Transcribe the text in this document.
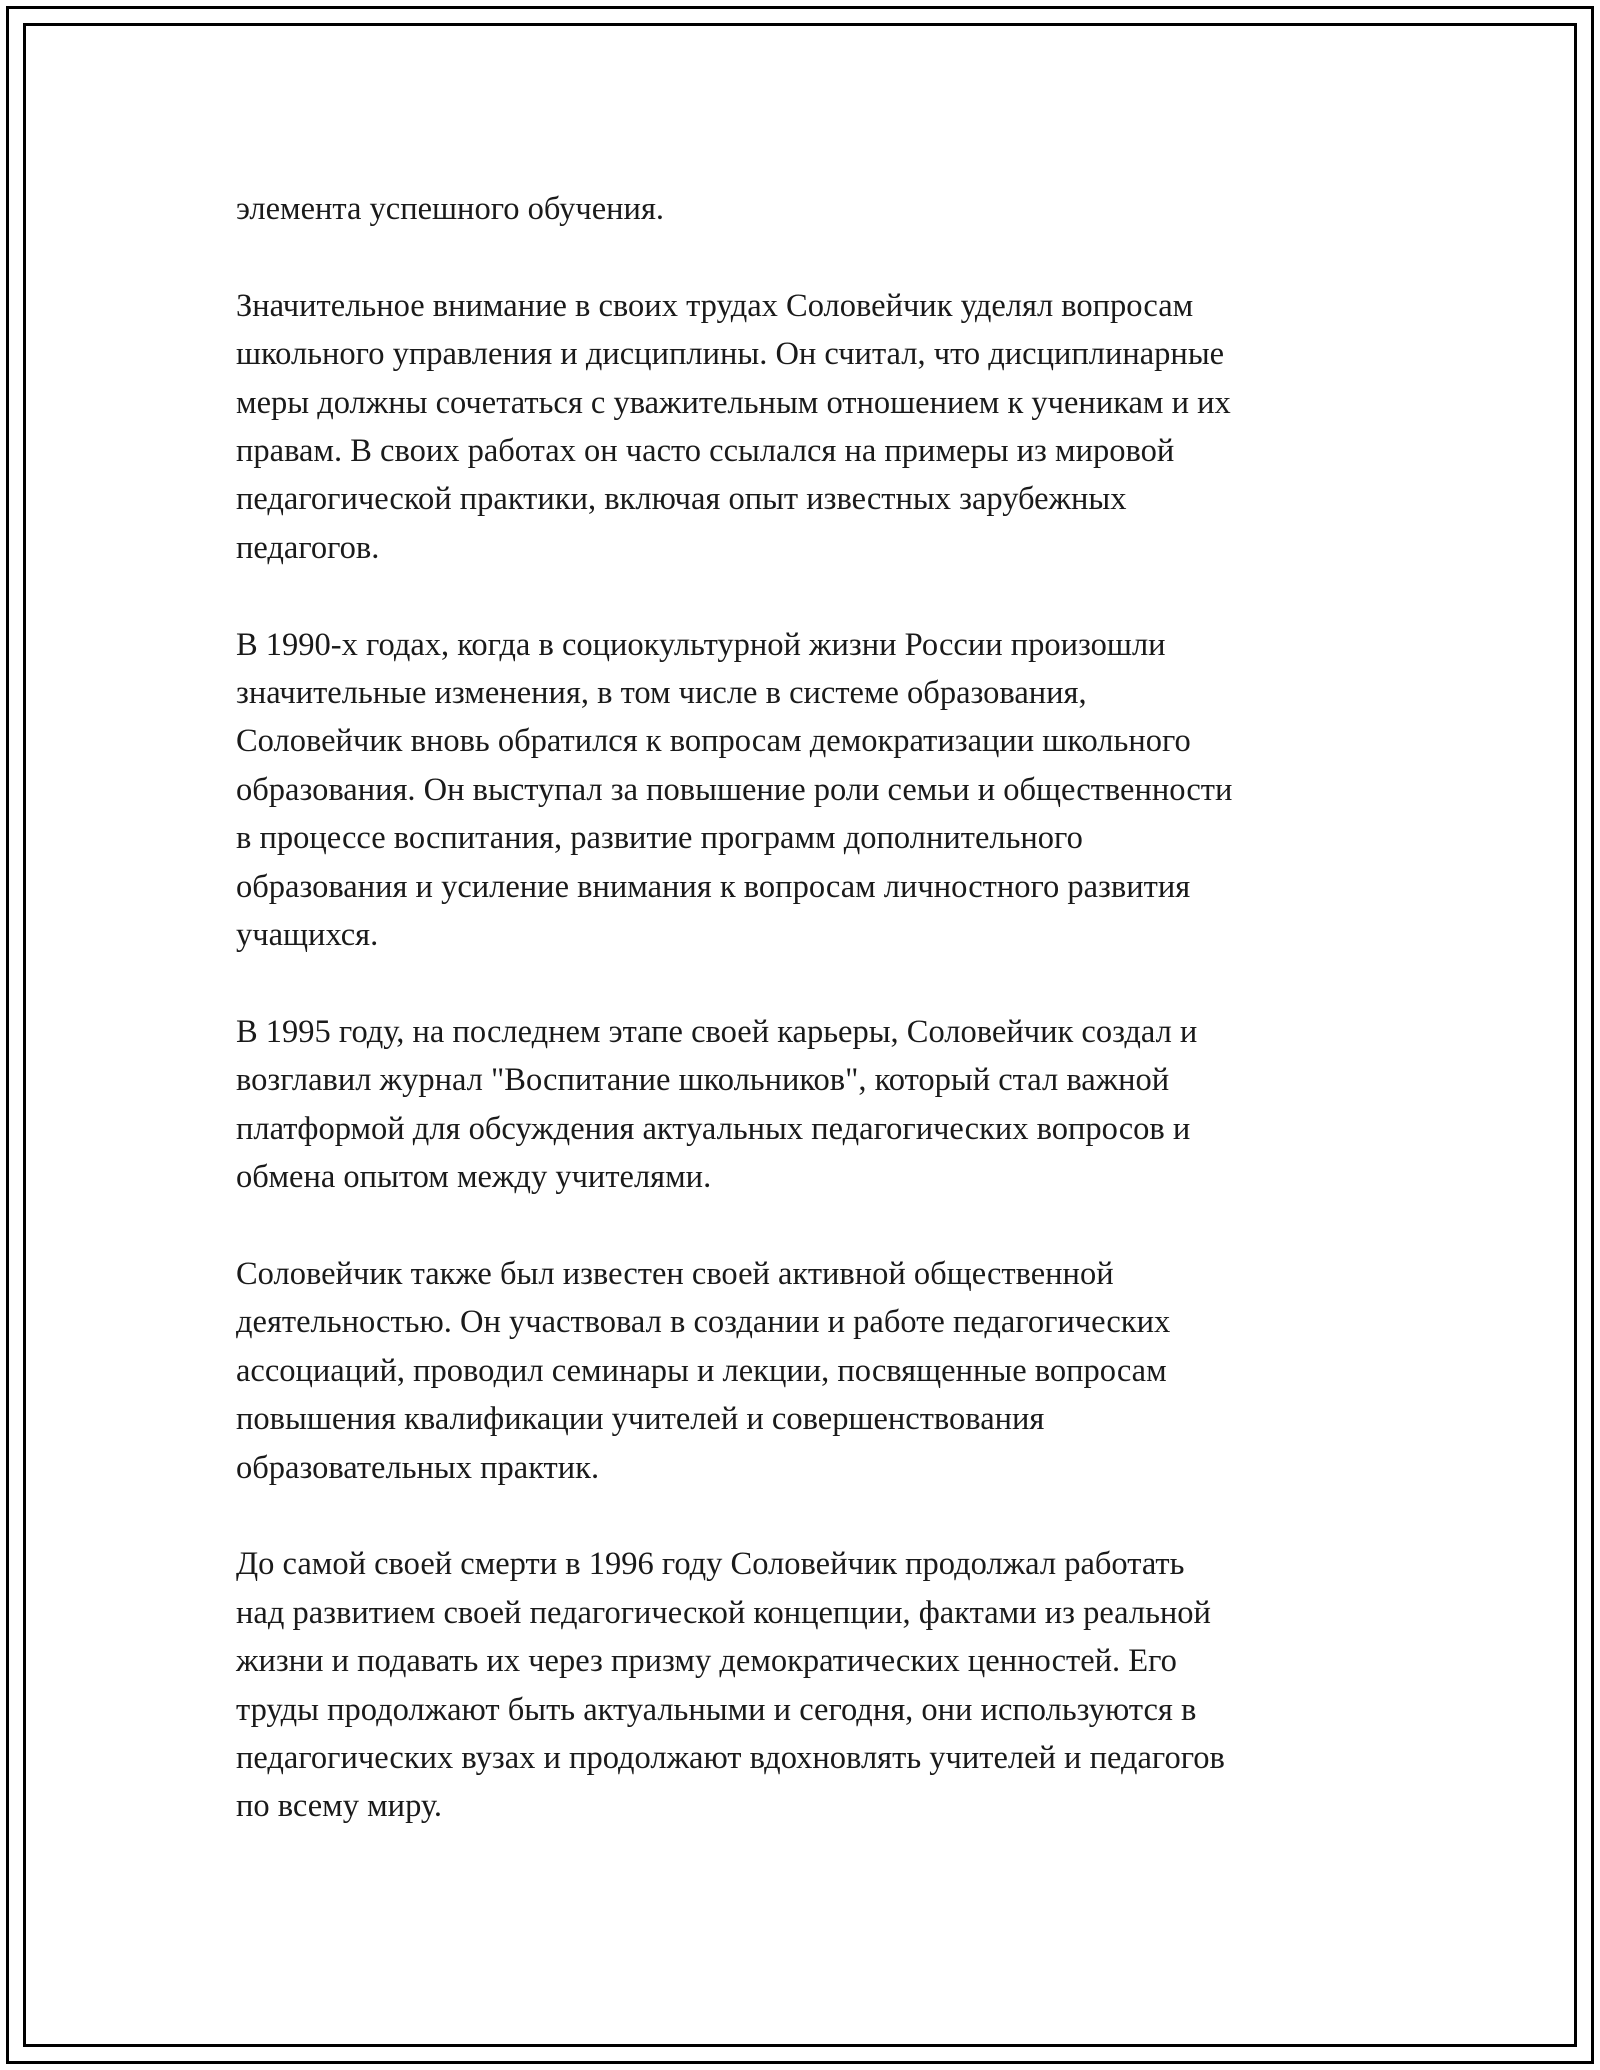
элемента успешного обучения.

Значительное внимание в своих трудах Соловейчик уделял вопросам
школьного управления и дисциплины. Он считал, что дисциплинарные
меры должны сочетаться с уважительным отношением к ученикам и их
правам. В своих работах он часто ссылался на примеры из мировой
педагогической практики, включая опыт известных зарубежных
педагогов.

В 1990-х годах, когда в социокультурной жизни России произошли
значительные изменения, в том числе в системе образования,
Соловейчик вновь обратился к вопросам демократизации школьного
образования. Он выступал за повышение роли семьи и общественности
в процессе воспитания, развитие программ дополнительного
образования и усиление внимания к вопросам личностного развития
учащихся.

В 1995 году, на последнем этапе своей карьеры, Соловейчик создал и
возглавил журнал "Воспитание школьников", который стал важной
платформой для обсуждения актуальных педагогических вопросов и
обмена опытом между учителями.

Соловейчик также был известен своей активной общественной
деятельностью. Он участвовал в создании и работе педагогических
ассоциаций, проводил семинары и лекции, посвященные вопросам
повышения квалификации учителей и совершенствования
образовательных практик.

До самой своей смерти в 1996 году Соловейчик продолжал работать
над развитием своей педагогической концепции, фактами из реальной
жизни и подавать их через призму демократических ценностей. Его
труды продолжают быть актуальными и сегодня, они используются в
педагогических вузах и продолжают вдохновлять учителей и педагогов
по всему миру.
